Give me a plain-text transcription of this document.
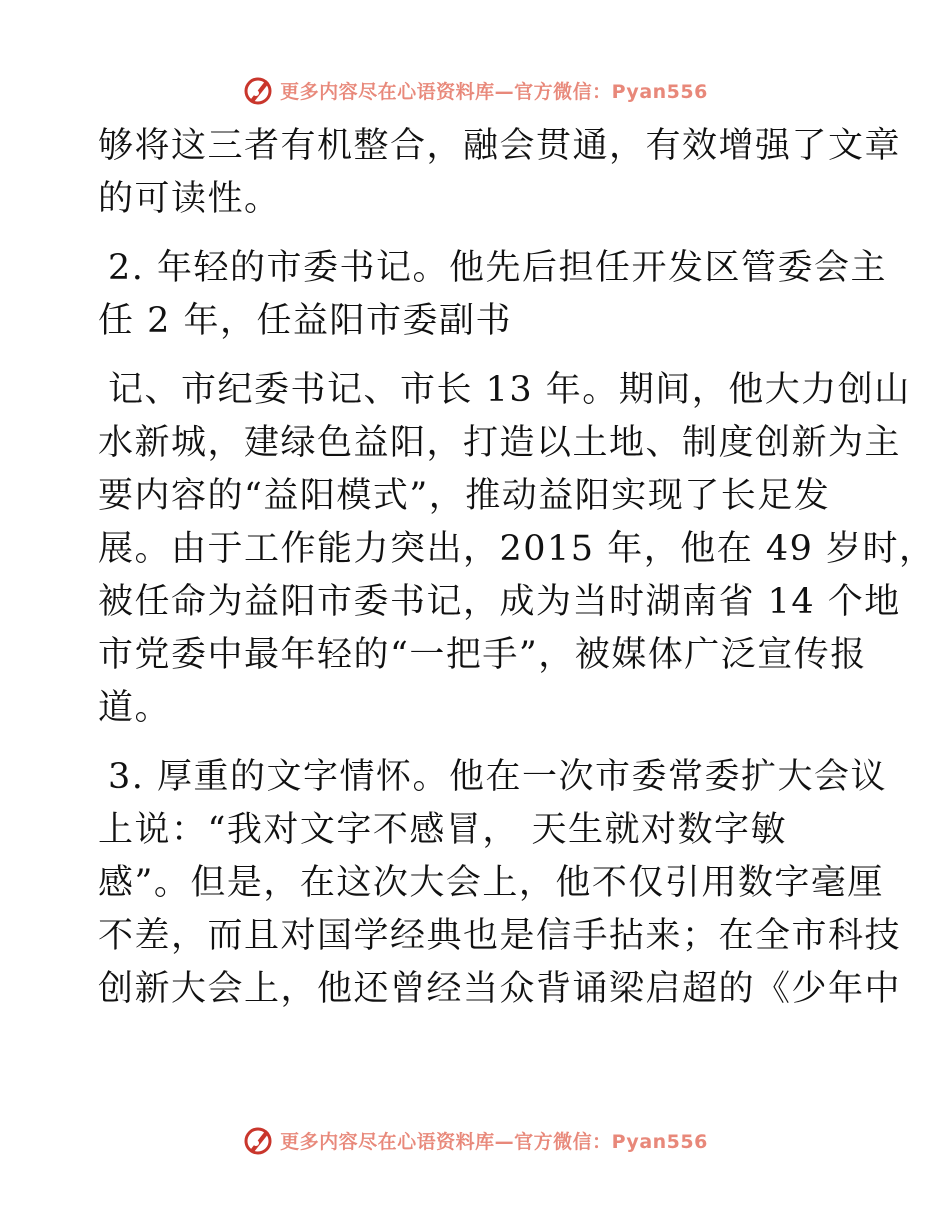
更多内容尽在心语资料库—官方微信：Pyan556
够将这三者有机整合，融会贯通，有效增强了文章
的可读性。
2. 年轻的市委书记。他先后担任开发区管委会主
任 2 年，任益阳市委副书
记、市纪委书记、市长 13 年。期间，他大力创山
水新城，建绿色益阳，打造以土地、制度创新为主
要内容的“益阳模式”，推动益阳实现了长足发
展。由于工作能力突出，2015 年，他在 49 岁时，
被任命为益阳市委书记，成为当时湖南省 14 个地
市党委中最年轻的“一把手”，被媒体广泛宣传报
道。
3. 厚重的文字情怀。他在一次市委常委扩大会议
上说：“我对文字不感冒， 天生就对数字敏
感”。但是，在这次大会上，他不仅引用数字毫厘
不差，而且对国学经典也是信手拈来；在全市科技
创新大会上，他还曾经当众背诵梁启超的《少年中
更多内容尽在心语资料库—官方微信：Pyan556
